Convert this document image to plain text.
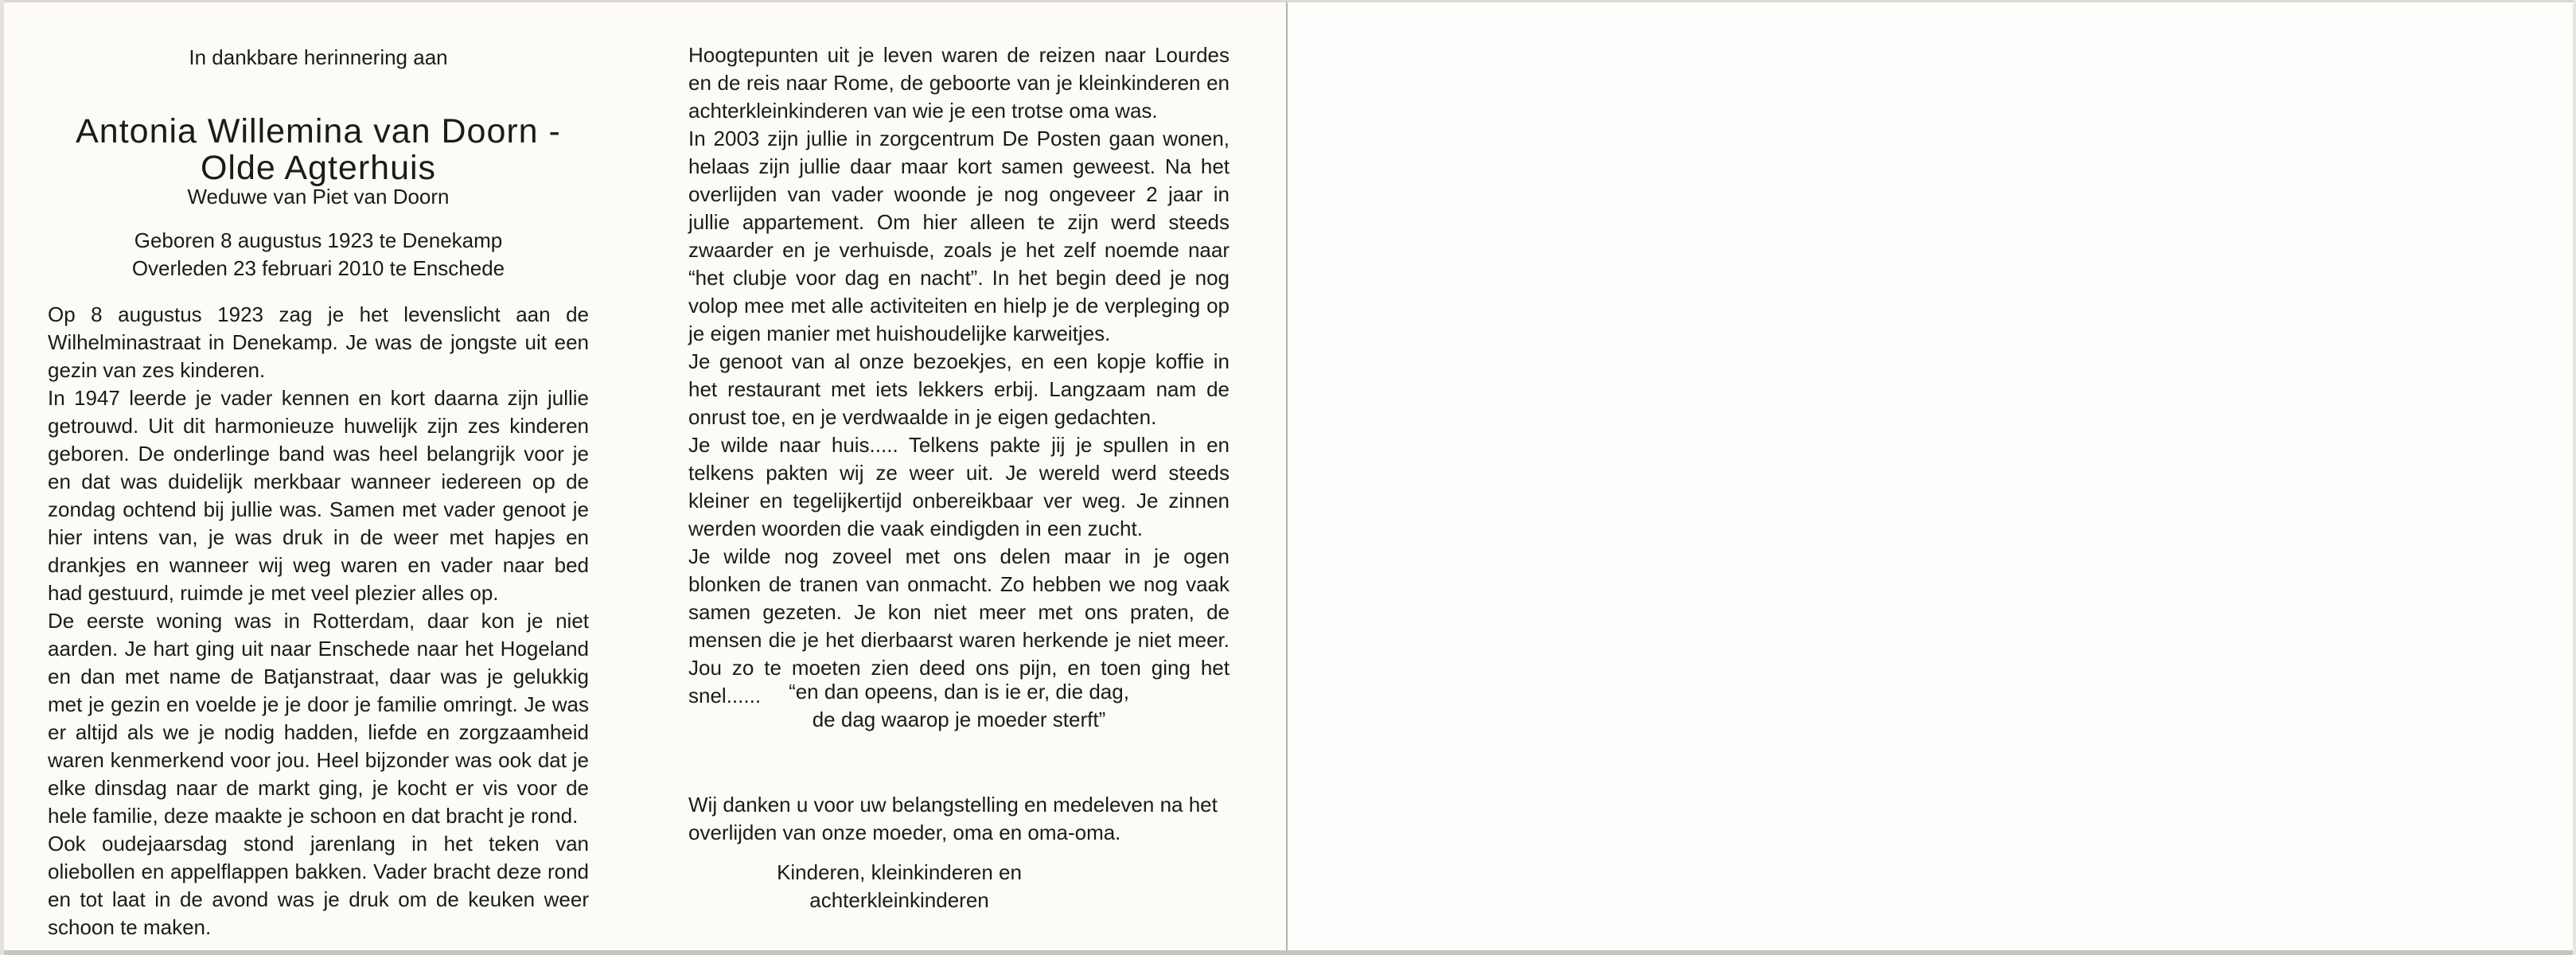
In dankbare herinnering aan
Antonia Willemina van Doorn -
Olde Agterhuis
Weduwe van Piet van Doorn
Geboren 8 augustus 1923 te Denekamp
Overleden 23 februari 2010 te Enschede

Op 8 augustus 1923 zag je het levenslicht aan de Wilhelminastraat in Denekamp. Je was de jongste uit een gezin van zes kinderen.

In 1947 leerde je vader kennen en kort daarna zijn jullie getrouwd. Uit dit harmonieuze huwelijk zijn zes kinderen geboren. De onderlinge band was heel belangrijk voor je en dat was duidelijk merkbaar wanneer iedereen op de zondag ochtend bij jullie was. Samen met vader genoot je hier intens van, je was druk in de weer met hapjes en drankjes en wanneer wij weg waren en vader naar bed had gestuurd, ruimde je met veel plezier alles op.

De eerste woning was in Rotterdam, daar kon je niet aarden. Je hart ging uit naar Enschede naar het Hogeland en dan met name de Batjanstraat, daar was je gelukkig met je gezin en voelde je je door je familie omringt. Je was er altijd als we je nodig hadden, liefde en zorgzaamheid waren kenmerkend voor jou. Heel bijzonder was ook dat je elke dinsdag naar de markt ging, je kocht er vis voor de hele familie, deze maakte je schoon en dat bracht je rond.

Ook oudejaarsdag stond jarenlang in het teken van oliebollen en appelflappen bakken. Vader bracht deze rond en tot laat in de avond was je druk om de keuken weer schoon te maken.

Hoogtepunten uit je leven waren de reizen naar Lourdes en de reis naar Rome, de geboorte van je kleinkinderen en achterkleinkinderen van wie je een trotse oma was.

In 2003 zijn jullie in zorgcentrum De Posten gaan wonen, helaas zijn jullie daar maar kort samen geweest. Na het overlijden van vader woonde je nog ongeveer 2 jaar in jullie appartement. Om hier alleen te zijn werd steeds zwaarder en je verhuisde, zoals je het zelf noemde naar “het clubje voor dag en nacht”. In het begin deed je nog volop mee met alle activiteiten en hielp je de verpleging op je eigen manier met huishoudelijke karweitjes.

Je genoot van al onze bezoekjes, en een kopje koffie in het restaurant met iets lekkers erbij. Langzaam nam de onrust toe, en je verdwaalde in je eigen gedachten.

Je wilde naar huis..... Telkens pakte jij je spullen in en telkens pakten wij ze weer uit. Je wereld werd steeds kleiner en tegelijkertijd onbereikbaar ver weg. Je zinnen werden woorden die vaak eindigden in een zucht.

Je wilde nog zoveel met ons delen maar in je ogen blonken de tranen van onmacht. Zo hebben we nog vaak samen gezeten. Je kon niet meer met ons praten, de mensen die je het dierbaarst waren herkende je niet meer. Jou zo te moeten zien deed ons pijn, en toen ging het snel......	“en dan opeens, dan is ie er, die dag,
de dag waarop je moeder sterft”
Wij danken u voor uw belangstelling en medeleven na het
overlijden van onze moeder, oma en oma-oma.
Kinderen, kleinkinderen en achterkleinkinderen
